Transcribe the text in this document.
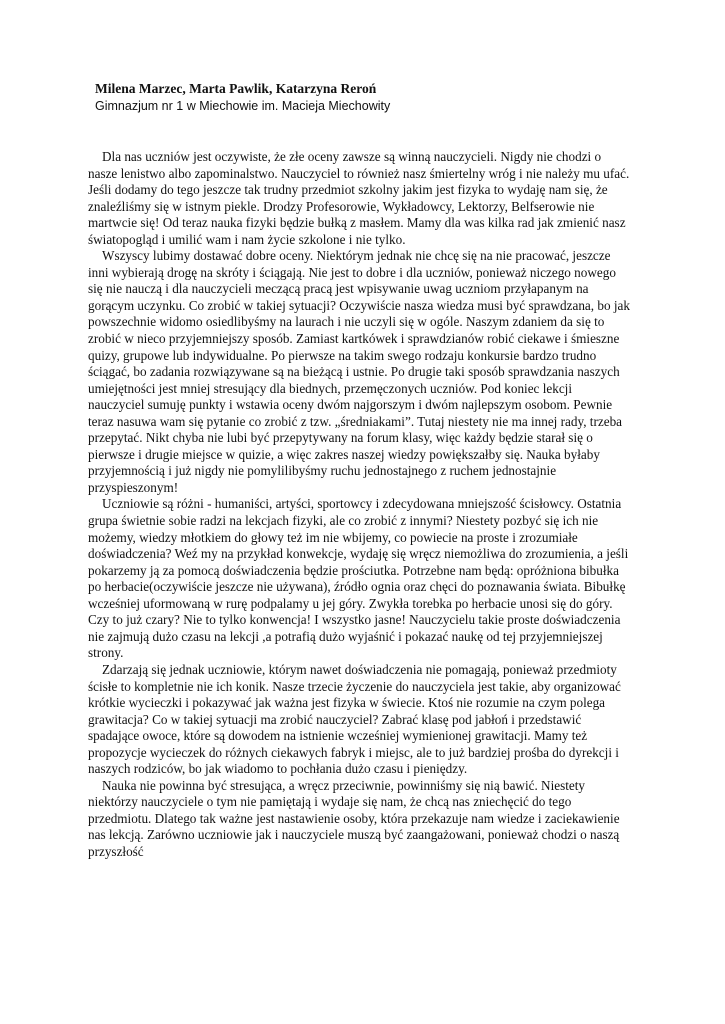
Milena Marzec, Marta Pawlik, Katarzyna Reroń
Gimnazjum nr 1 w Miechowie im. Macieja Miechowity
Dla nas uczniów jest oczywiste, że złe oceny zawsze są winną nauczycieli. Nigdy nie chodzi o
nasze lenistwo albo zapominalstwo. Nauczyciel to również nasz śmiertelny wróg i nie należy mu ufać.
Jeśli dodamy do tego jeszcze tak trudny przedmiot szkolny jakim jest fizyka to wydaję nam się, że
znaleźliśmy się w istnym piekle. Drodzy Profesorowie, Wykładowcy, Lektorzy, Belfserowie nie
martwcie się! Od teraz nauka fizyki będzie bułką z masłem. Mamy dla was kilka rad jak zmienić nasz
światopogląd i umilić wam i nam życie szkolone i nie tylko.
Wszyscy lubimy dostawać dobre oceny. Niektórym jednak nie chcę się na nie pracować, jeszcze
inni wybierają drogę na skróty i ściągają. Nie jest to dobre i dla uczniów, ponieważ niczego nowego
się nie nauczą i dla nauczycieli meczącą pracą jest wpisywanie uwag uczniom przyłapanym na
gorącym uczynku. Co zrobić w takiej sytuacji? Oczywiście nasza wiedza musi być sprawdzana, bo jak
powszechnie widomo osiedlibyśmy na laurach i nie uczyli się w ogóle. Naszym zdaniem da się to
zrobić w nieco przyjemniejszy sposób. Zamiast kartkówek i sprawdzianów robić ciekawe i śmieszne
quizy, grupowe lub indywidualne. Po pierwsze na takim swego rodzaju konkursie bardzo trudno
ściągać, bo zadania rozwiązywane są na bieżącą i ustnie. Po drugie taki sposób sprawdzania naszych
umiejętności jest mniej stresujący dla biednych, przemęczonych uczniów. Pod koniec lekcji
nauczyciel sumuję punkty i wstawia oceny dwóm najgorszym i dwóm najlepszym osobom. Pewnie
teraz nasuwa wam się pytanie co zrobić z tzw. „średniakami”. Tutaj niestety nie ma innej rady, trzeba
przepytać. Nikt chyba nie lubi być przepytywany na forum klasy, więc każdy będzie starał się o
pierwsze i drugie miejsce w quizie, a więc zakres naszej wiedzy powiększałby się. Nauka byłaby
przyjemnością i już nigdy nie pomylilibyśmy ruchu jednostajnego z ruchem jednostajnie
przyspieszonym!
Uczniowie są różni - humaniści, artyści, sportowcy i zdecydowana mniejszość ścisłowcy. Ostatnia
grupa świetnie sobie radzi na lekcjach fizyki, ale co zrobić z innymi? Niestety pozbyć się ich nie
możemy, wiedzy młotkiem do głowy też im nie wbijemy, co powiecie na proste i zrozumiałe
doświadczenia? Weź my na przykład konwekcje, wydaję się wręcz niemożliwa do zrozumienia, a jeśli
pokarzemy ją za pomocą doświadczenia będzie prościutka. Potrzebne nam będą: opróżniona bibułka
po herbacie(oczywiście jeszcze nie używana), źródło ognia oraz chęci do poznawania świata. Bibułkę
wcześniej uformowaną w rurę podpalamy u jej góry. Zwykła torebka po herbacie unosi się do góry.
Czy to już czary? Nie to tylko konwencja! I wszystko jasne! Nauczycielu takie proste doświadczenia
nie zajmują dużo czasu na lekcji ,a potrafią dużo wyjaśnić i pokazać naukę od tej przyjemniejszej
strony.
Zdarzają się jednak uczniowie, którym nawet doświadczenia nie pomagają, ponieważ przedmioty
ścisłe to kompletnie nie ich konik. Nasze trzecie życzenie do nauczyciela jest takie, aby organizować
krótkie wycieczki i pokazywać jak ważna jest fizyka w świecie. Ktoś nie rozumie na czym polega
grawitacja? Co w takiej sytuacji ma zrobić nauczyciel? Zabrać klasę pod jabłoń i przedstawić
spadające owoce, które są dowodem na istnienie wcześniej wymienionej grawitacji. Mamy też
propozycje wycieczek do różnych ciekawych fabryk i miejsc, ale to już bardziej prośba do dyrekcji i
naszych rodziców, bo jak wiadomo to pochłania dużo czasu i pieniędzy.
Nauka nie powinna być stresująca, a wręcz przeciwnie, powinniśmy się nią bawić. Niestety
niektórzy nauczyciele o tym nie pamiętają i wydaje się nam, że chcą nas zniechęcić do tego
przedmiotu. Dlatego tak ważne jest nastawienie osoby, która przekazuje nam wiedze i zaciekawienie
nas lekcją. Zarówno uczniowie jak i nauczyciele muszą być zaangażowani, ponieważ chodzi o naszą
przyszłość
